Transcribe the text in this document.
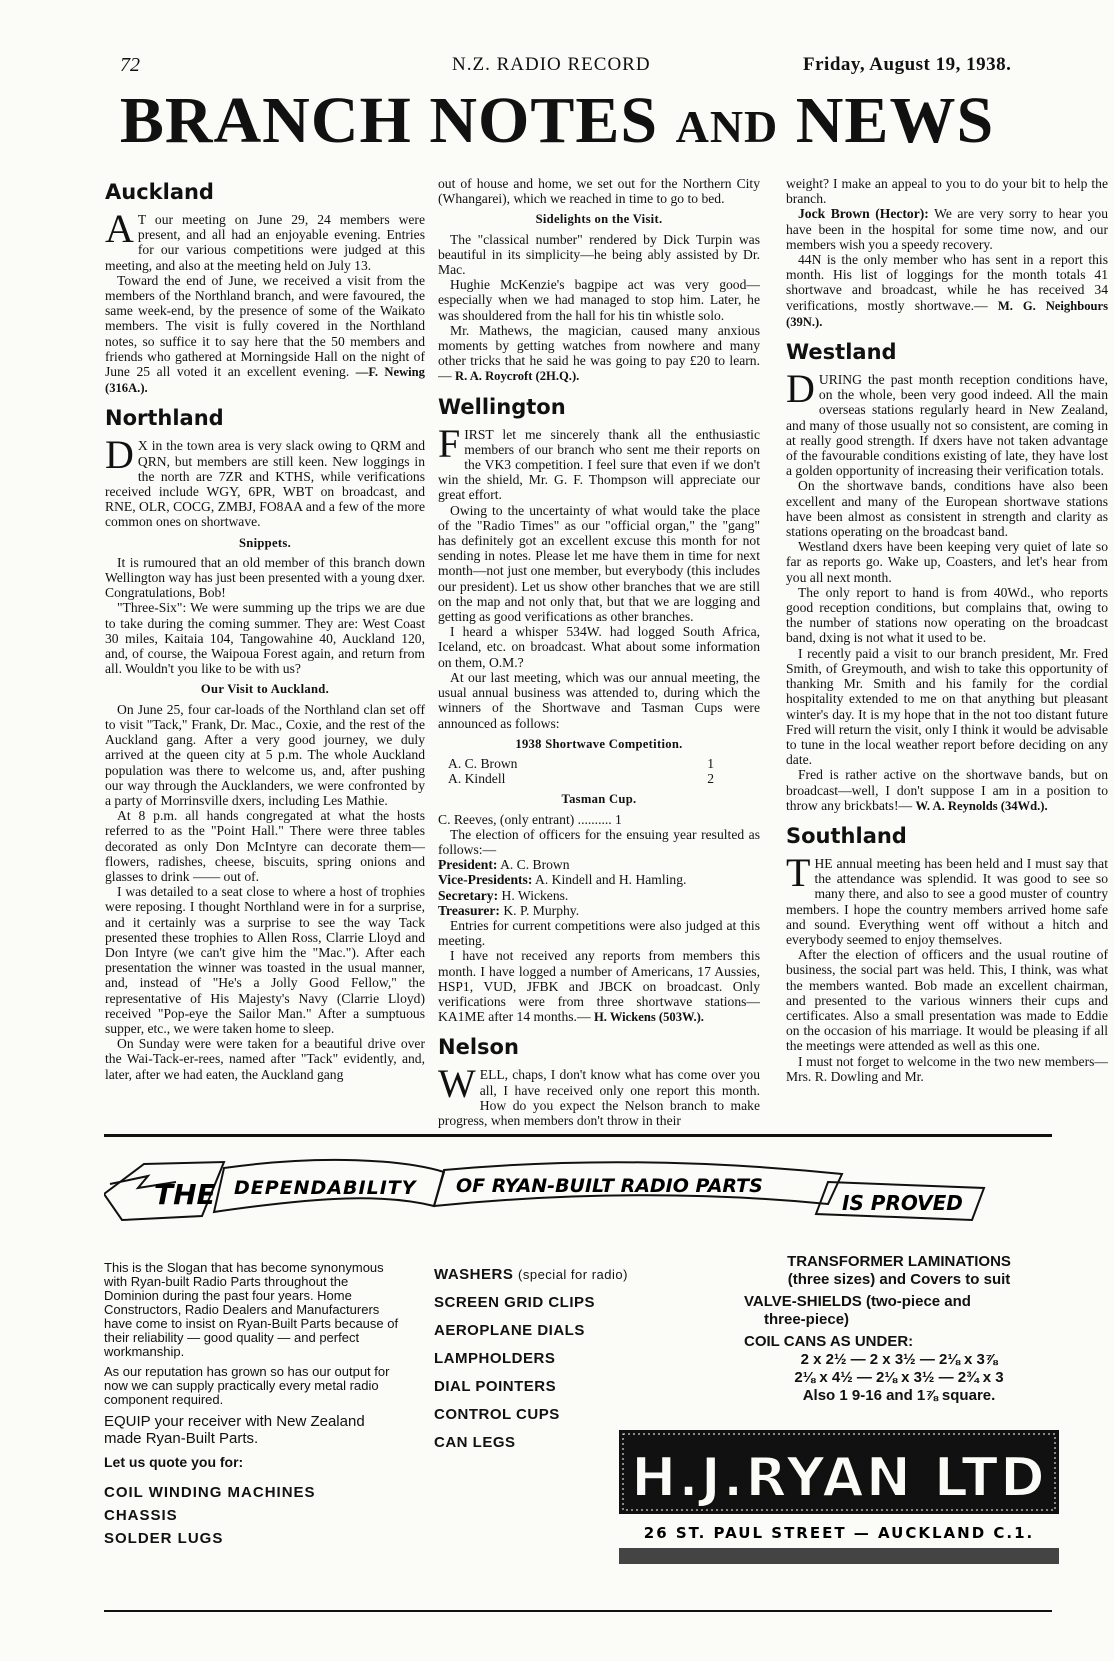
72	N.Z. RADIO RECORD	Friday, August 19, 1938.
BRANCH NOTES AND NEWS
Auckland

A T our meeting on June 29, 24 members were present, and all had an enjoyable evening. Entries for our various competitions were judged at this meeting, and also at the meeting held on July 13.

Toward the end of June, we received a visit from the members of the Northland branch, and were favoured, the same week-end, by the presence of some of the Waikato members. The visit is fully covered in the Northland notes, so suffice it to say here that the 50 members and friends who gathered at Morningside Hall on the night of June 25 all voted it an excellent evening. —F. Newing (316A.).

Northland

D X in the town area is very slack owing to QRM and QRN, but members are still keen. New loggings in the north are 7ZR and KTHS, while verifications received include WGY, 6PR, WBT on broadcast, and RNE, OLR, COCG, ZMBJ, FO8AA and a few of the more common ones on shortwave.

Snippets.

It is rumoured that an old member of this branch down Wellington way has just been presented with a young dxer. Congratulations, Bob!

"Three-Six": We were summing up the trips we are due to take during the coming summer. They are: West Coast 30 miles, Kaitaia 104, Tangowahine 40, Auckland 120, and, of course, the Waipoua Forest again, and return from all. Wouldn't you like to be with us?

Our Visit to Auckland.

On June 25, four car-loads of the Northland clan set off to visit "Tack," Frank, Dr. Mac., Coxie, and the rest of the Auckland gang. After a very good journey, we duly arrived at the queen city at 5 p.m. The whole Auckland population was there to welcome us, and, after pushing our way through the Aucklanders, we were confronted by a party of Morrinsville dxers, including Les Mathie.

At 8 p.m. all hands congregated at what the hosts referred to as the "Point Hall." There were three tables decorated as only Don McIntyre can decorate them—flowers, radishes, cheese, biscuits, spring onions and glasses to drink —— out of.

I was detailed to a seat close to where a host of trophies were reposing. I thought Northland were in for a surprise, and it certainly was a surprise to see the way Tack presented these trophies to Allen Ross, Clarrie Lloyd and Don Intyre (we can't give him the "Mac."). After each presentation the winner was toasted in the usual manner, and, instead of "He's a Jolly Good Fellow," the representative of His Majesty's Navy (Clarrie Lloyd) received "Pop-eye the Sailor Man." After a sumptuous supper, etc., we were taken home to sleep.

On Sunday were were taken for a beautiful drive over the Wai-Tack-er-rees, named after "Tack" evidently, and, later, after we had eaten, the Auckland gang

out of house and home, we set out for the Northern City (Whangarei), which we reached in time to go to bed.

Sidelights on the Visit.

The "classical number" rendered by Dick Turpin was beautiful in its simplicity—he being ably assisted by Dr. Mac.

Hughie McKenzie's bagpipe act was very good—especially when we had managed to stop him. Later, he was shouldered from the hall for his tin whistle solo.

Mr. Mathews, the magician, caused many anxious moments by getting watches from nowhere and many other tricks that he said he was going to pay £20 to learn.— R. A. Roycroft (2H.Q.).

Wellington

FIRST let me sincerely thank all the enthusiastic members of our branch who sent me their reports on the VK3 competition. I feel sure that even if we don't win the shield, Mr. G. F. Thompson will appreciate our great effort.

Owing to the uncertainty of what would take the place of the "Radio Times" as our "official organ," the "gang" has definitely got an excellent excuse this month for not sending in notes. Please let me have them in time for next month—not just one member, but everybody (this includes our president). Let us show other branches that we are still on the map and not only that, but that we are logging and getting as good verifications as other branches.

I heard a whisper 534W. had logged South Africa, Iceland, etc. on broadcast. What about some information on them, O.M.?

At our last meeting, which was our annual meeting, the usual annual business was attended to, during which the winners of the Shortwave and Tasman Cups were announced as follows:

1938 Shortwave Competition.
A. C. Brown	1
A. Kindell	2
Tasman Cup.

C. Reeves, (only entrant) .......... 1

The election of officers for the ensuing year resulted as follows:—

President: A. C. Brown

Vice-Presidents: A. Kindell and H. Hamling.

Secretary: H. Wickens.

Treasurer: K. P. Murphy.

Entries for current competitions were also judged at this meeting.

I have not received any reports from members this month. I have logged a number of Americans, 17 Aussies, HSP1, VUD, JFBK and JBCK on broadcast. Only verifications were from three shortwave stations—KA1ME after 14 months.— H. Wickens (503W.).

Nelson

WELL, chaps, I don't know what has come over you all, I have received only one report this month. How do you expect the Nelson branch to make progress, when members don't throw in their

weight? I make an appeal to you to do your bit to help the branch.

Jock Brown (Hector): We are very sorry to hear you have been in the hospital for some time now, and our members wish you a speedy recovery.

44N is the only member who has sent in a report this month. His list of loggings for the month totals 41 shortwave and broadcast, while he has received 34 verifications, mostly shortwave.— M. G. Neighbours (39N.).

Westland

DURING the past month reception conditions have, on the whole, been very good indeed. All the main overseas stations regularly heard in New Zealand, and many of those usually not so consistent, are coming in at really good strength. If dxers have not taken advantage of the favourable conditions existing of late, they have lost a golden opportunity of increasing their verification totals.

On the shortwave bands, conditions have also been excellent and many of the European shortwave stations have been almost as consistent in strength and clarity as stations operating on the broadcast band.

Westland dxers have been keeping very quiet of late so far as reports go. Wake up, Coasters, and let's hear from you all next month.

The only report to hand is from 40Wd., who reports good reception conditions, but complains that, owing to the number of stations now operating on the broadcast band, dxing is not what it used to be.

I recently paid a visit to our branch president, Mr. Fred Smith, of Greymouth, and wish to take this opportunity of thanking Mr. Smith and his family for the cordial hospitality extended to me on that anything but pleasant winter's day. It is my hope that in the not too distant future Fred will return the visit, only I think it would be advisable to tune in the local weather report before deciding on any date.

Fred is rather active on the shortwave bands, but on broadcast—well, I don't suppose I am in a position to throw any brickbats!— W. A. Reynolds (34Wd.).

Southland

THE annual meeting has been held and I must say that the attendance was splendid. It was good to see so many there, and also to see a good muster of country members. I hope the country members arrived home safe and sound. Everything went off without a hitch and everybody seemed to enjoy themselves.

After the election of officers and the usual routine of business, the social part was held. This, I think, was what the members wanted. Bob made an excellent chairman, and presented to the various winners their cups and certificates. Also a small presentation was made to Eddie on the occasion of his marriage. It would be pleasing if all the meetings were attended as well as this one.

I must not forget to welcome in the two new members—Mrs. R. Dowling and Mr.

THE DEPENDABILITY OF RYAN-BUILT RADIO PARTS
IS PROVED

This is the Slogan that has become synonymous with Ryan-built Radio Parts throughout the Dominion during the past four years. Home Constructors, Radio Dealers and Manufacturers have come to insist on Ryan-Built Parts because of their reliability — good quality — and perfect workmanship.

As our reputation has grown so has our output for now we can supply practically every metal radio component required.

EQUIP your receiver with New Zealand made Ryan-Built Parts.

Let us quote you for:

COIL WINDING MACHINES
CHASSIS
SOLDER LUGS
WASHERS (special for radio)
SCREEN GRID CLIPS
AEROPLANE DIALS
LAMPHOLDERS
DIAL POINTERS
CONTROL CUPS
CAN LEGS
TRANSFORMER LAMINATIONS
(three sizes) and Covers to suit
VALVE-SHIELDS (two-piece and
three-piece)
COIL CANS AS UNDER:
2 x 2½ — 2 x 3½ — 2⅛ x 3⅞
2⅛ x 4½ — 2⅛ x 3½ — 2¾ x 3
Also 1 9-16 and 1⅞ square.
H.J.RYAN LTD
26 ST. PAUL STREET — AUCKLAND C.1.
